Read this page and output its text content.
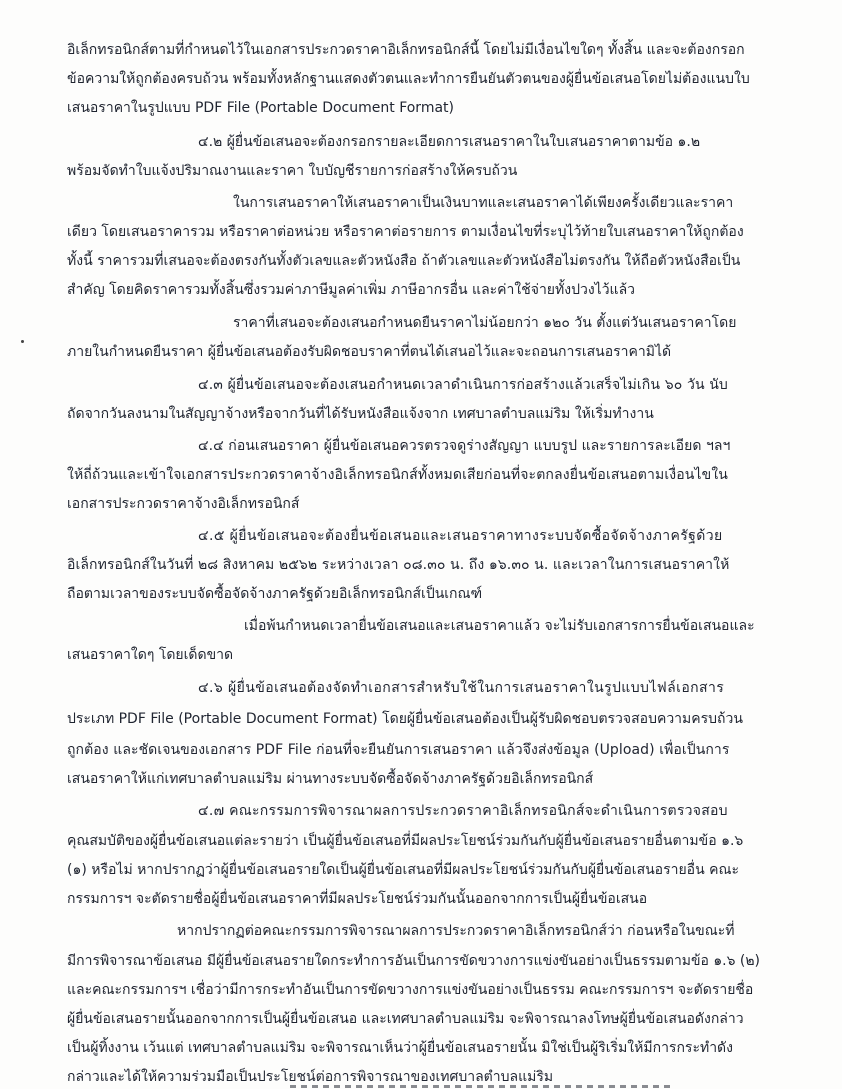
อิเล็กทรอนิกส์ตามที่กำหนดไว้ในเอกสารประกวดราคาอิเล็กทรอนิกส์นี้ โดยไม่มีเงื่อนไขใดๆ ทั้งสิ้น และจะต้องกรอก
ข้อความให้ถูกต้องครบถ้วน พร้อมทั้งหลักฐานแสดงตัวตนและทำการยืนยันตัวตนของผู้ยื่นข้อเสนอโดยไม่ต้องแนบใบ
เสนอราคาในรูปแบบ PDF File (Portable Document Format)
๔.๒ ผู้ยื่นข้อเสนอจะต้องกรอกรายละเอียดการเสนอราคาในใบเสนอราคาตามข้อ ๑.๒
พร้อมจัดทำใบแจ้งปริมาณงานและราคา ใบบัญชีรายการก่อสร้างให้ครบถ้วน
ในการเสนอราคาให้เสนอราคาเป็นเงินบาทและเสนอราคาได้เพียงครั้งเดียวและราคา
เดียว โดยเสนอราคารวม หรือราคาต่อหน่วย หรือราคาต่อรายการ ตามเงื่อนไขที่ระบุไว้ท้ายใบเสนอราคาให้ถูกต้อง
ทั้งนี้ ราคารวมที่เสนอจะต้องตรงกันทั้งตัวเลขและตัวหนังสือ ถ้าตัวเลขและตัวหนังสือไม่ตรงกัน ให้ถือตัวหนังสือเป็น
สำคัญ โดยคิดราคารวมทั้งสิ้นซึ่งรวมค่าภาษีมูลค่าเพิ่ม ภาษีอากรอื่น และค่าใช้จ่ายทั้งปวงไว้แล้ว
ราคาที่เสนอจะต้องเสนอกำหนดยืนราคาไม่น้อยกว่า ๑๒๐ วัน ตั้งแต่วันเสนอราคาโดย
ภายในกำหนดยืนราคา ผู้ยื่นข้อเสนอต้องรับผิดชอบราคาที่ตนได้เสนอไว้และจะถอนการเสนอราคามิได้
๔.๓ ผู้ยื่นข้อเสนอจะต้องเสนอกำหนดเวลาดำเนินการก่อสร้างแล้วเสร็จไม่เกิน ๖๐ วัน นับ
ถัดจากวันลงนามในสัญญาจ้างหรือจากวันที่ได้รับหนังสือแจ้งจาก เทศบาลตำบลแม่ริม ให้เริ่มทำงาน
๔.๔ ก่อนเสนอราคา ผู้ยื่นข้อเสนอควรตรวจดูร่างสัญญา แบบรูป และรายการละเอียด ฯลฯ
ให้ถี่ถ้วนและเข้าใจเอกสารประกวดราคาจ้างอิเล็กทรอนิกส์ทั้งหมดเสียก่อนที่จะตกลงยื่นข้อเสนอตามเงื่อนไขใน
เอกสารประกวดราคาจ้างอิเล็กทรอนิกส์
๔.๕ ผู้ยื่นข้อเสนอจะต้องยื่นข้อเสนอและเสนอราคาทางระบบจัดซื้อจัดจ้างภาครัฐด้วย
อิเล็กทรอนิกส์ในวันที่ ๒๘ สิงหาคม ๒๕๖๒ ระหว่างเวลา ๐๘.๓๐ น. ถึง ๑๖.๓๐ น. และเวลาในการเสนอราคาให้
ถือตามเวลาของระบบจัดซื้อจัดจ้างภาครัฐด้วยอิเล็กทรอนิกส์เป็นเกณฑ์
เมื่อพ้นกำหนดเวลายื่นข้อเสนอและเสนอราคาแล้ว จะไม่รับเอกสารการยื่นข้อเสนอและ
เสนอราคาใดๆ โดยเด็ดขาด
๔.๖ ผู้ยื่นข้อเสนอต้องจัดทำเอกสารสำหรับใช้ในการเสนอราคาในรูปแบบไฟล์เอกสาร
ประเภท PDF File (Portable Document Format) โดยผู้ยื่นข้อเสนอต้องเป็นผู้รับผิดชอบตรวจสอบความครบถ้วน
ถูกต้อง และชัดเจนของเอกสาร PDF File ก่อนที่จะยืนยันการเสนอราคา แล้วจึงส่งข้อมูล (Upload) เพื่อเป็นการ
เสนอราคาให้แก่เทศบาลตำบลแม่ริม ผ่านทางระบบจัดซื้อจัดจ้างภาครัฐด้วยอิเล็กทรอนิกส์
๔.๗ คณะกรรมการพิจารณาผลการประกวดราคาอิเล็กทรอนิกส์จะดำเนินการตรวจสอบ
คุณสมบัติของผู้ยื่นข้อเสนอแต่ละรายว่า เป็นผู้ยื่นข้อเสนอที่มีผลประโยชน์ร่วมกันกับผู้ยื่นข้อเสนอรายอื่นตามข้อ ๑.๖
(๑) หรือไม่ หากปรากฏว่าผู้ยื่นข้อเสนอรายใดเป็นผู้ยื่นข้อเสนอที่มีผลประโยชน์ร่วมกันกับผู้ยื่นข้อเสนอรายอื่น คณะ
กรรมการฯ จะตัดรายชื่อผู้ยื่นข้อเสนอราคาที่มีผลประโยชน์ร่วมกันนั้นออกจากการเป็นผู้ยื่นข้อเสนอ
หากปรากฏต่อคณะกรรมการพิจารณาผลการประกวดราคาอิเล็กทรอนิกส์ว่า ก่อนหรือในขณะที่
มีการพิจารณาข้อเสนอ มีผู้ยื่นข้อเสนอรายใดกระทำการอันเป็นการขัดขวางการแข่งขันอย่างเป็นธรรมตามข้อ ๑.๖ (๒)
และคณะกรรมการฯ เชื่อว่ามีการกระทำอันเป็นการขัดขวางการแข่งขันอย่างเป็นธรรม คณะกรรมการฯ จะตัดรายชื่อ
ผู้ยื่นข้อเสนอรายนั้นออกจากการเป็นผู้ยื่นข้อเสนอ และเทศบาลตำบลแม่ริม จะพิจารณาลงโทษผู้ยื่นข้อเสนอดังกล่าว
เป็นผู้ทิ้งงาน เว้นแต่ เทศบาลตำบลแม่ริม จะพิจารณาเห็นว่าผู้ยื่นข้อเสนอรายนั้น มิใช่เป็นผู้ริเริ่มให้มีการกระทำดัง
กล่าวและได้ให้ความร่วมมือเป็นประโยชน์ต่อการพิจารณาของเทศบาลตำบลแม่ริม
